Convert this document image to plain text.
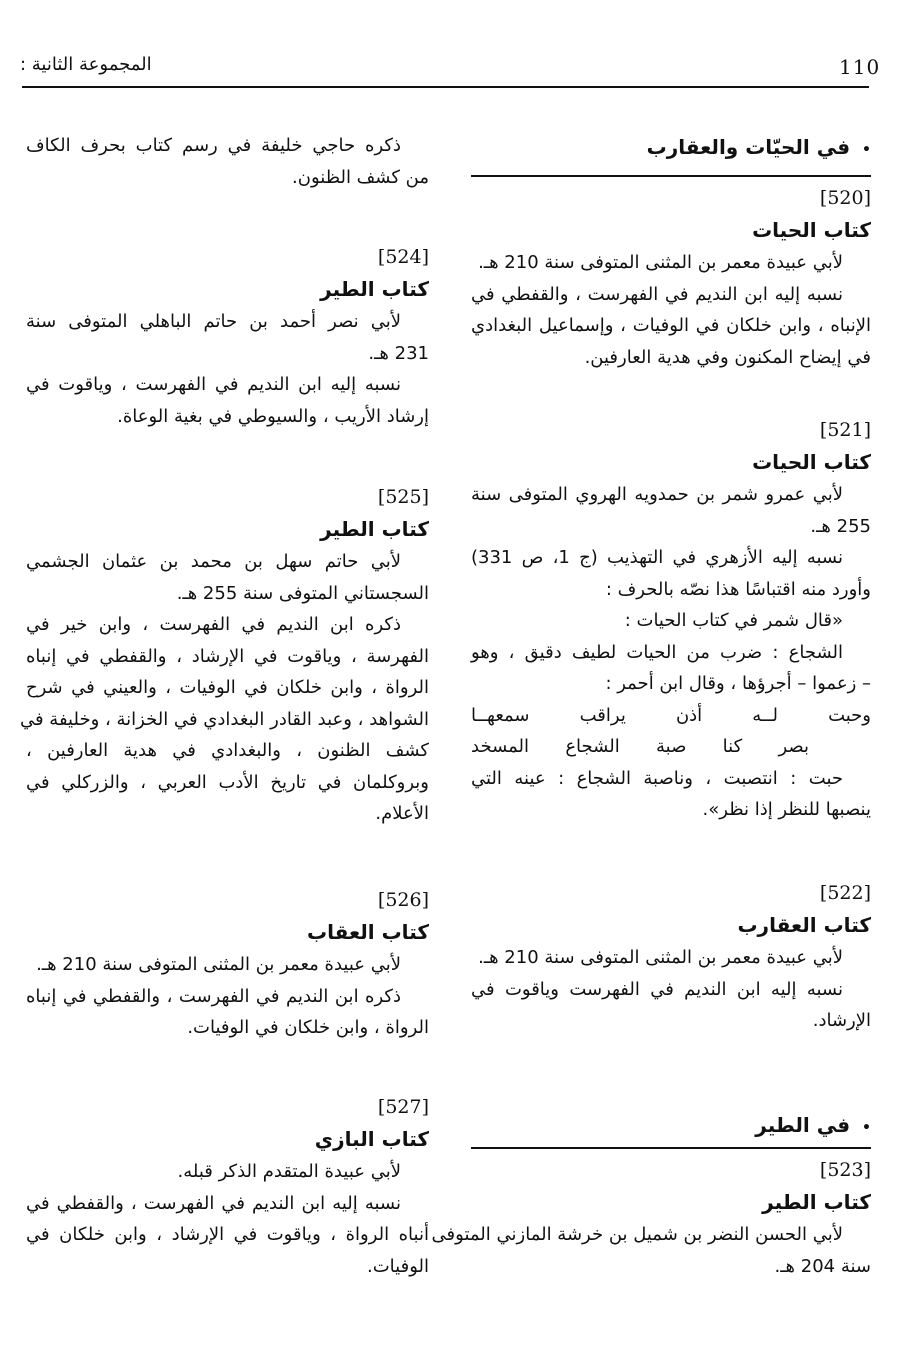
110
المجموعة الثانية :
•في الحيّات والعقارب
[520]
كتاب الحيات
لأبي عبيدة معمر بن المثنى المتوفى سنة 210 هـ.
نسبه إليه ابن النديم في الفهرست ، والقفطي في
الإنباه ، وابن خلكان في الوفيات ، وإسماعيل البغدادي
في إيضاح المكنون وفي هدية العارفين.
[521]
كتاب الحيات
لأبي عمرو شمر بن حمدويه الهروي المتوفى سنة
255 هـ.
نسبه إليه الأزهري في التهذيب (ج 1، ص 331)
وأورد منه اقتباسًا هذا نصّه بالحرف :
«قال شمر في كتاب الحيات :
الشجاع : ضرب من الحيات لطيف دقيق ، وهو
– زعموا – أجرؤها ، وقال ابن أحمر :
وحبت لــه أذن يراقب سمعهــا
بصر كنا صبة الشجاع المسخد
حبت : انتصبت ، وناصبة الشجاع : عينه التي
ينصبها للنظر إذا نظر».
[522]
كتاب العقارب
لأبي عبيدة معمر بن المثنى المتوفى سنة 210 هـ.
نسبه إليه ابن النديم في الفهرست وياقوت في
الإرشاد.
•في الطير
[523]
كتاب الطير
لأبي الحسن النضر بن شميل بن خرشة المازني المتوفى
سنة 204 هـ.
ذكره حاجي خليفة في رسم كتاب بحرف الكاف
من كشف الظنون.
[524]
كتاب الطير
لأبي نصر أحمد بن حاتم الباهلي المتوفى سنة
231 هـ.
نسبه إليه ابن النديم في الفهرست ، وياقوت في
إرشاد الأريب ، والسيوطي في بغية الوعاة.
[525]
كتاب الطير
لأبي حاتم سهل بن محمد بن عثمان الجشمي
السجستاني المتوفى سنة 255 هـ.
ذكره ابن النديم في الفهرست ، وابن خير في
الفهرسة ، وياقوت في الإرشاد ، والقفطي في إنباه
الرواة ، وابن خلكان في الوفيات ، والعيني في شرح
الشواهد ، وعبد القادر البغدادي في الخزانة ، وخليفة في
كشف الظنون ، والبغدادي في هدية العارفين ،
وبروكلمان في تاريخ الأدب العربي ، والزركلي في
الأعلام.
[526]
كتاب العقاب
لأبي عبيدة معمر بن المثنى المتوفى سنة 210 هـ.
ذكره ابن النديم في الفهرست ، والقفطي في إنباه
الرواة ، وابن خلكان في الوفيات.
[527]
كتاب البازي
لأبي عبيدة المتقدم الذكر قبله.
نسبه إليه ابن النديم في الفهرست ، والقفطي في
أنباه الرواة ، وياقوت في الإرشاد ، وابن خلكان في
الوفيات.
